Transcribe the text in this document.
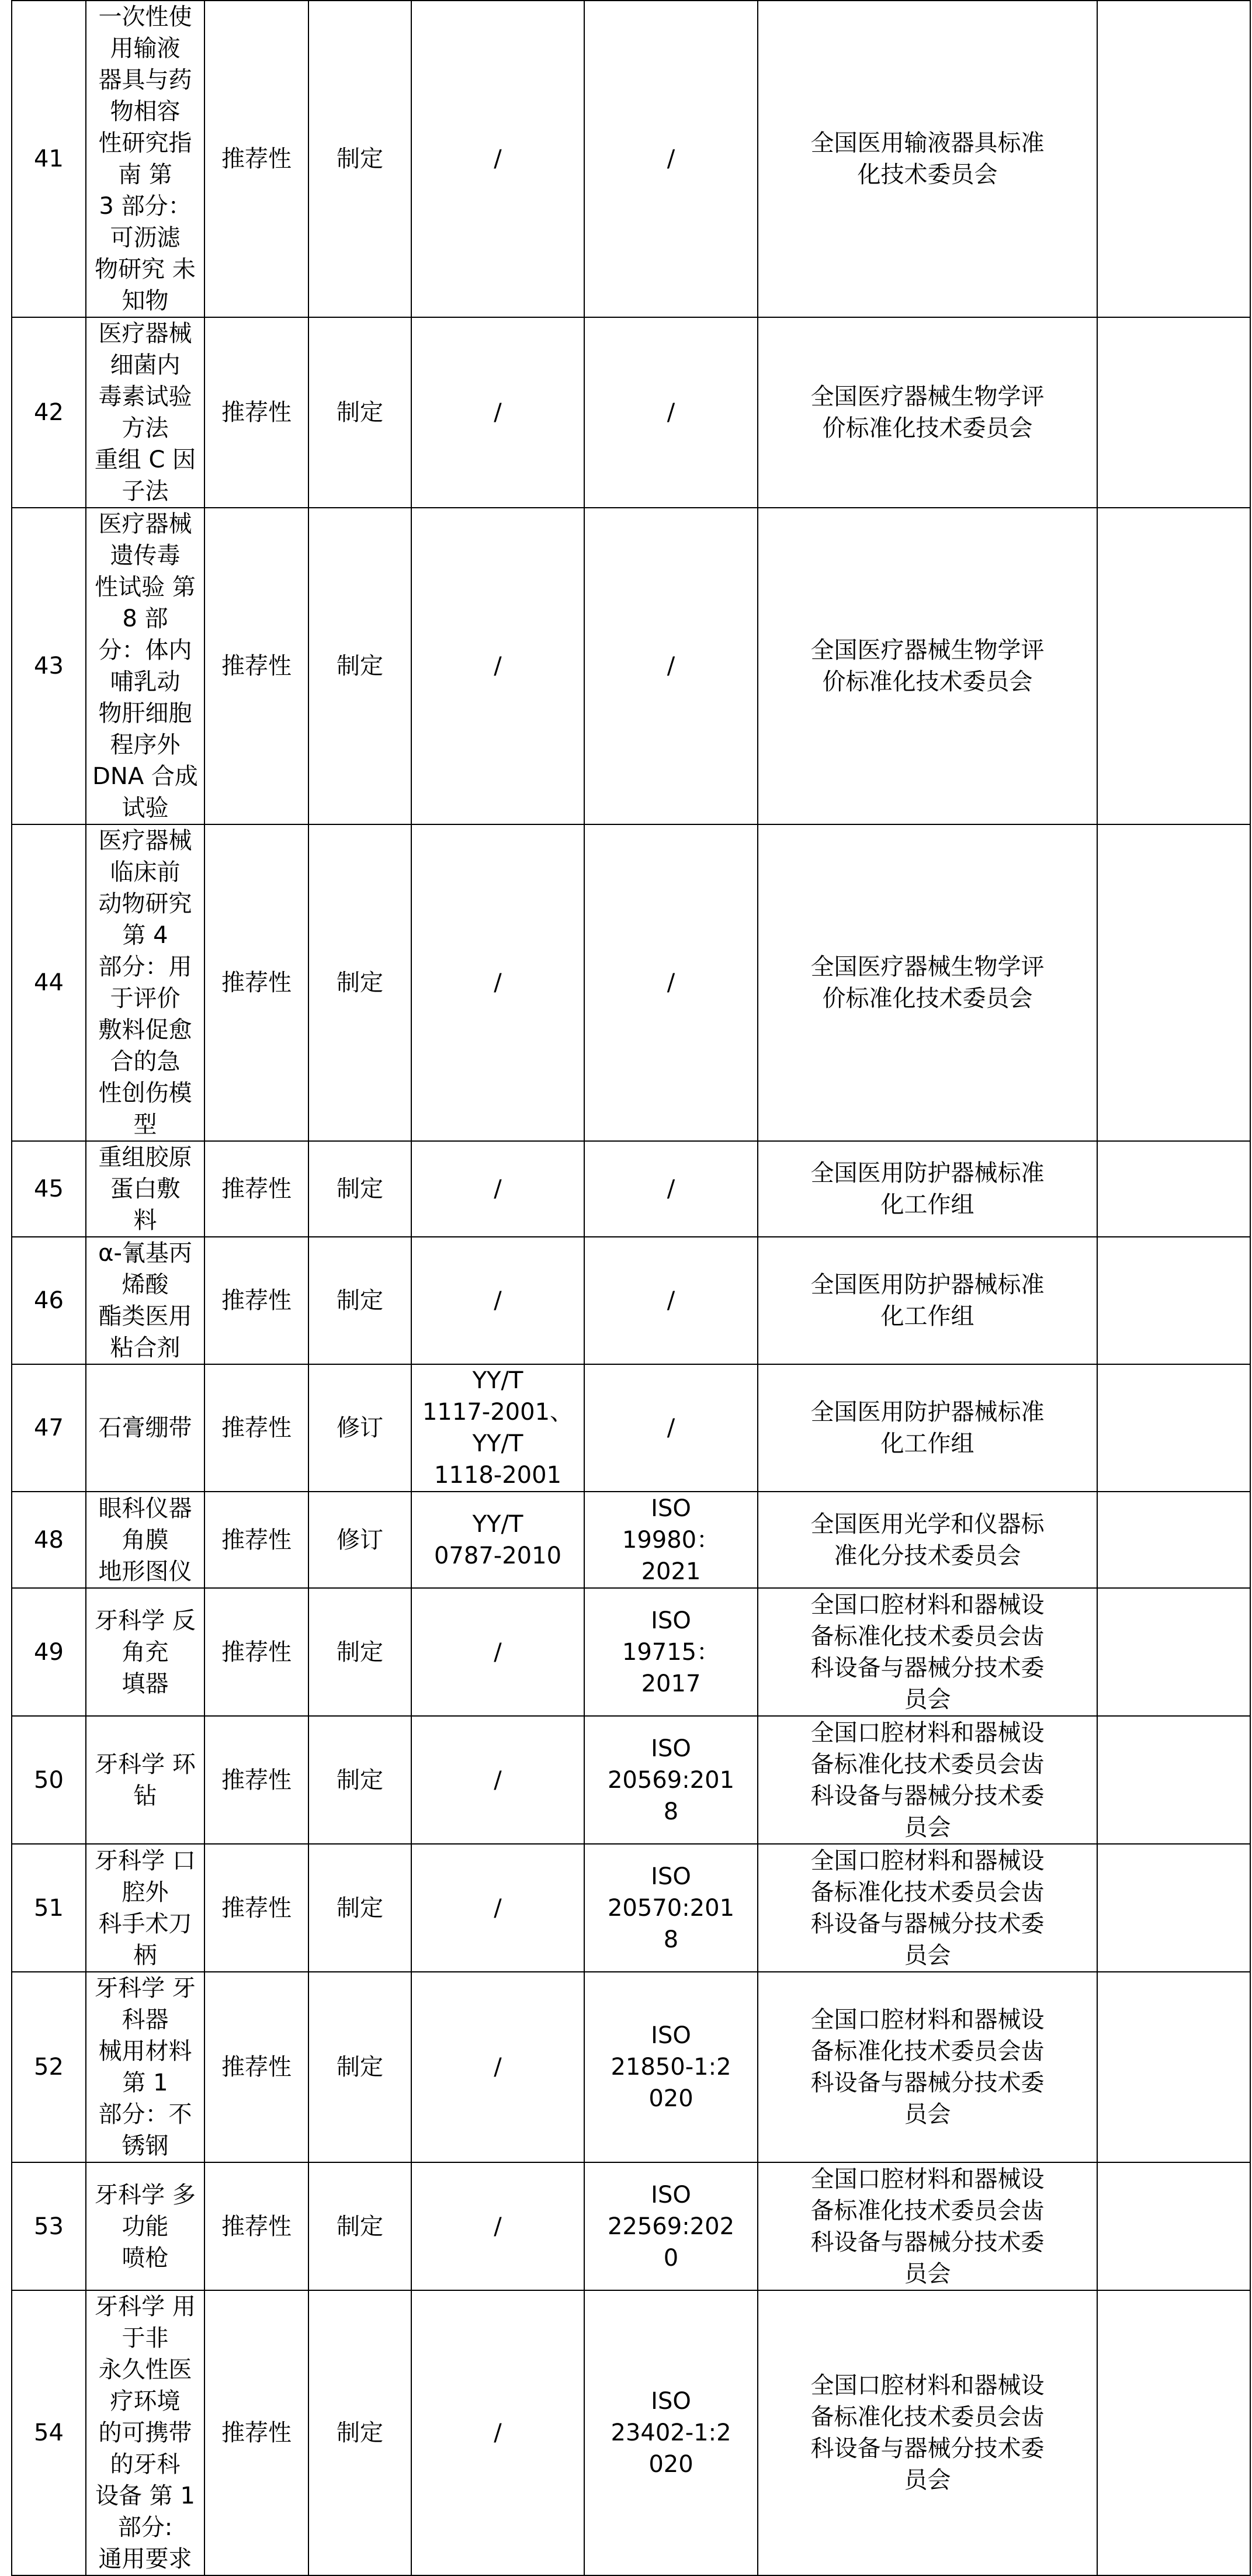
41	一次性使用输液
器具与药物相容
性研究指南 第
3 部分：可沥滤
物研究 未知物	推荐性	制定	/	/	全国医用输液器具标准
化技术委员会	
42	医疗器械细菌内
毒素试验方法
重组 C 因子法	推荐性	制定	/	/	全国医疗器械生物学评
价标准化技术委员会	
43	医疗器械遗传毒
性试验 第 8 部
分：体内哺乳动
物肝细胞程序外
DNA 合成试验	推荐性	制定	/	/	全国医疗器械生物学评
价标准化技术委员会	
44	医疗器械临床前
动物研究 第 4
部分：用于评价
敷料促愈合的急
性创伤模型	推荐性	制定	/	/	全国医疗器械生物学评
价标准化技术委员会	
45	重组胶原蛋白敷
料	推荐性	制定	/	/	全国医用防护器械标准
化工作组	
46	α-氰基丙烯酸
酯类医用粘合剂	推荐性	制定	/	/	全国医用防护器械标准
化工作组	
47	石膏绷带	推荐性	修订	YY/T
1117-2001、
YY/T
1118-2001	/	全国医用防护器械标准
化工作组	
48	眼科仪器 角膜
地形图仪	推荐性	修订	YY/T
0787-2010	ISO
19980：
2021	全国医用光学和仪器标
准化分技术委员会	
49	牙科学 反角充
填器	推荐性	制定	/	ISO
19715：
2017	全国口腔材料和器械设
备标准化技术委员会齿
科设备与器械分技术委
员会	
50	牙科学 环钻	推荐性	制定	/	ISO
20569:201
8	全国口腔材料和器械设
备标准化技术委员会齿
科设备与器械分技术委
员会	
51	牙科学 口腔外
科手术刀柄	推荐性	制定	/	ISO
20570:201
8	全国口腔材料和器械设
备标准化技术委员会齿
科设备与器械分技术委
员会	
52	牙科学 牙科器
械用材料 第 1
部分：不锈钢	推荐性	制定	/	ISO
21850-1:2
020	全国口腔材料和器械设
备标准化技术委员会齿
科设备与器械分技术委
员会	
53	牙科学 多功能
喷枪	推荐性	制定	/	ISO
22569:202
0	全国口腔材料和器械设
备标准化技术委员会齿
科设备与器械分技术委
员会	
54	牙科学 用于非
永久性医疗环境
的可携带的牙科
设备 第 1 部分:
通用要求	推荐性	制定	/	ISO
23402-1:2
020	全国口腔材料和器械设
备标准化技术委员会齿
科设备与器械分技术委
员会	
